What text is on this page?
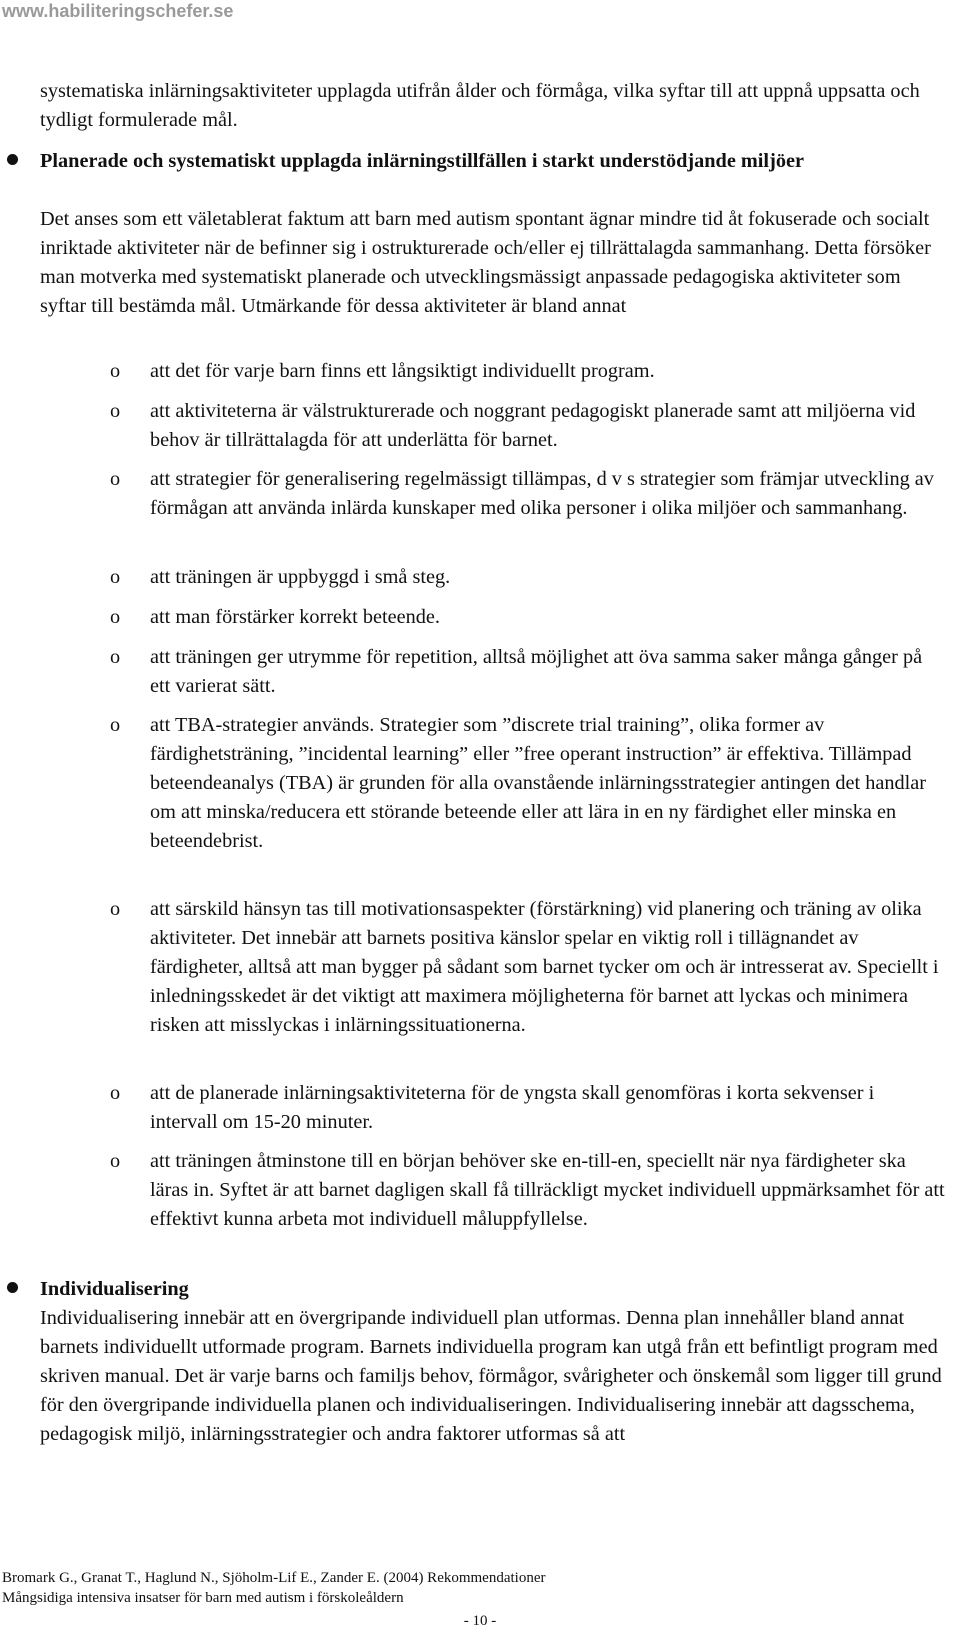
www.habiliteringschefer.se
systematiska inlärningsaktiviteter upplagda utifrån ålder och förmåga, vilka syftar till att uppnå uppsatta och tydligt formulerade mål.
Planerade och systematiskt upplagda inlärningstillfällen i starkt understödjande miljöer
Det anses som ett väletablerat faktum att barn med autism spontant ägnar mindre tid åt fokuserade och socialt inriktade aktiviteter när de befinner sig i ostrukturerade och/eller ej tillrättalagda sammanhang. Detta försöker man motverka med systematiskt planerade och utvecklingsmässigt anpassade pedagogiska aktiviteter som syftar till bestämda mål. Utmärkande för dessa aktiviteter är bland annat
o att det för varje barn finns ett långsiktigt individuellt program.
o att aktiviteterna är välstrukturerade och noggrant pedagogiskt planerade samt att miljöerna vid behov är tillrättalagda för att underlätta för barnet.
o att strategier för generalisering regelmässigt tillämpas, d v s strategier som främjar utveckling av förmågan att använda inlärda kunskaper med olika personer i olika miljöer och sammanhang.
o att träningen är uppbyggd i små steg.
o att man förstärker korrekt beteende.
o att träningen ger utrymme för repetition, alltså möjlighet att öva samma saker många gånger på ett varierat sätt.
o att TBA-strategier används. Strategier som ”discrete trial training”, olika former av färdighetsträning, ”incidental learning” eller ”free operant instruction” är effektiva. Tillämpad beteendeanalys (TBA) är grunden för alla ovanstående inlärningsstrategier antingen det handlar om att minska/reducera ett störande beteende eller att lära in en ny färdighet eller minska en beteendebrist.
o att särskild hänsyn tas till motivationsaspekter (förstärkning) vid planering och träning av olika aktiviteter. Det innebär att barnets positiva känslor spelar en viktig roll i tillägnandet av färdigheter, alltså att man bygger på sådant som barnet tycker om och är intresserat av. Speciellt i inledningsskedet är det viktigt att maximera möjligheterna för barnet att lyckas och minimera risken att misslyckas i inlärningssituationerna.
o att de planerade inlärningsaktiviteterna för de yngsta skall genomföras i korta sekvenser i intervall om 15-20 minuter.
o att träningen åtminstone till en början behöver ske en-till-en, speciellt när nya färdigheter ska läras in. Syftet är att barnet dagligen skall få tillräckligt mycket individuell uppmärksamhet för att effektivt kunna arbeta mot individuell måluppfyllelse.
Individualisering
Individualisering innebär att en övergripande individuell plan utformas. Denna plan innehåller bland annat barnets individuellt utformade program. Barnets individuella program kan utgå från ett befintligt program med skriven manual. Det är varje barns och familjs behov, förmågor, svårigheter och önskemål som ligger till grund för den övergripande individuella planen och individualiseringen. Individualisering innebär att dagsschema, pedagogisk miljö, inlärningsstrategier och andra faktorer utformas så att
Bromark G., Granat T., Haglund N., Sjöholm-Lif E., Zander E. (2004) Rekommendationer
Mångsidiga intensiva insatser för barn med autism i förskoleåldern
- 10 -
